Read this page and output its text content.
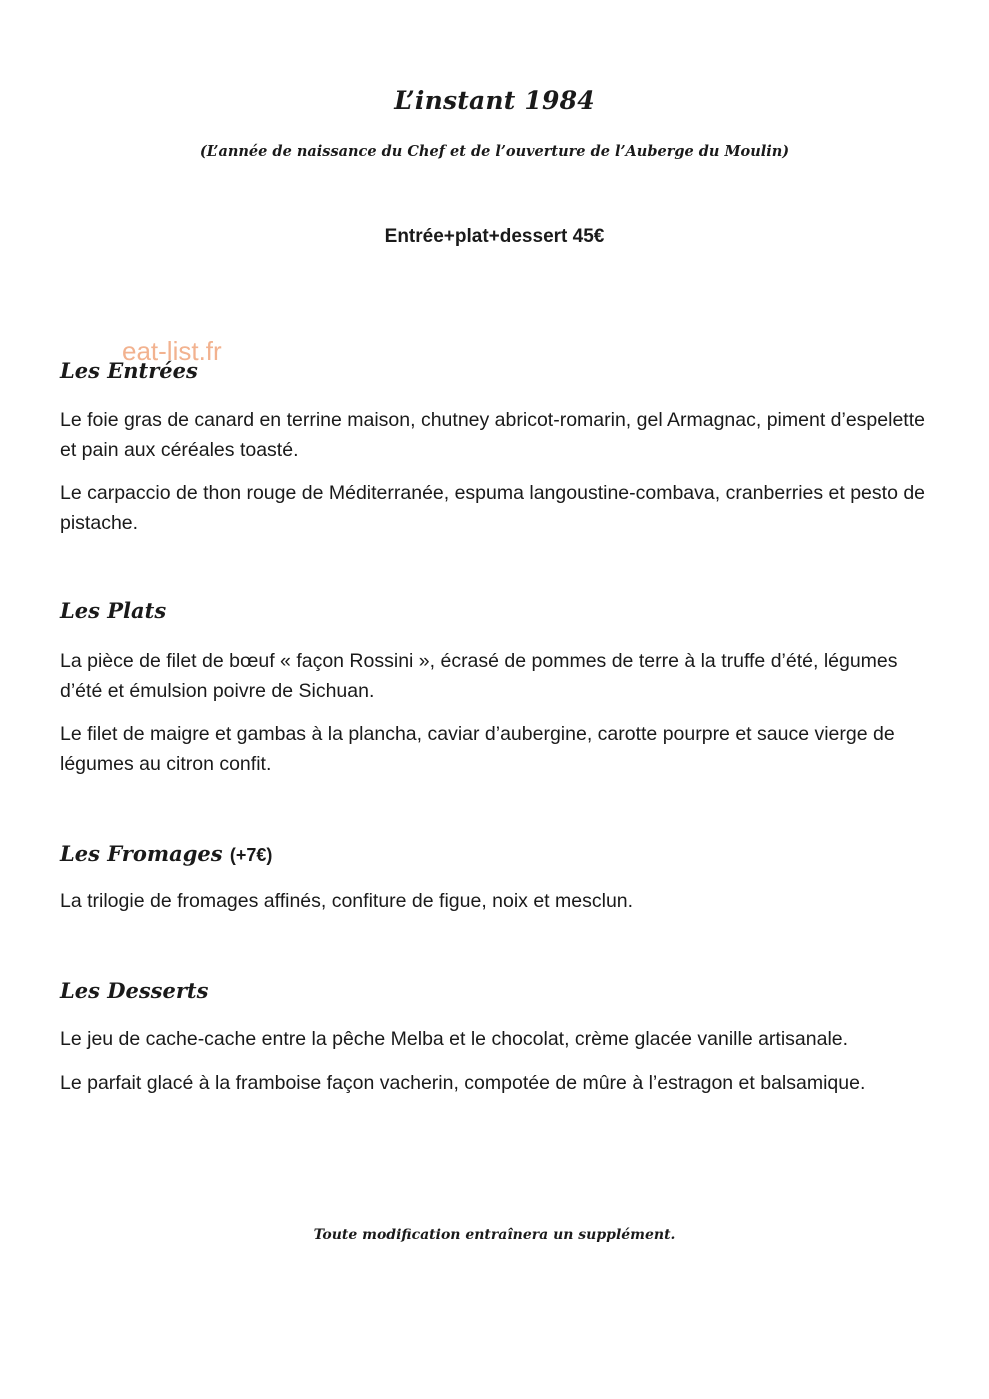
L’instant 1984
(L’année de naissance du Chef et de l’ouverture de l’Auberge du Moulin)
Entrée+plat+dessert 45€
Les Entrées
eat-list.fr
Le foie gras de canard en terrine maison, chutney abricot-romarin, gel Armagnac, piment d’espelette et pain aux céréales toasté.
Le carpaccio de thon rouge de Méditerranée, espuma langoustine-combava, cranberries et pesto de pistache.
Les Plats
La pièce de filet de bœuf « façon Rossini », écrasé de pommes de terre à la truffe d’été, légumes d’été et émulsion poivre de Sichuan.
Le filet de maigre et gambas à la plancha, caviar d’aubergine, carotte pourpre et sauce vierge de légumes au citron confit.
Les Fromages (+7€)
La trilogie de fromages affinés, confiture de figue, noix et mesclun.
Les Desserts
Le jeu de cache-cache entre la pêche Melba et le chocolat, crème glacée vanille artisanale.
Le parfait glacé à la framboise façon vacherin, compotée de mûre à l’estragon et balsamique.
Toute modification entraînera un supplément.
